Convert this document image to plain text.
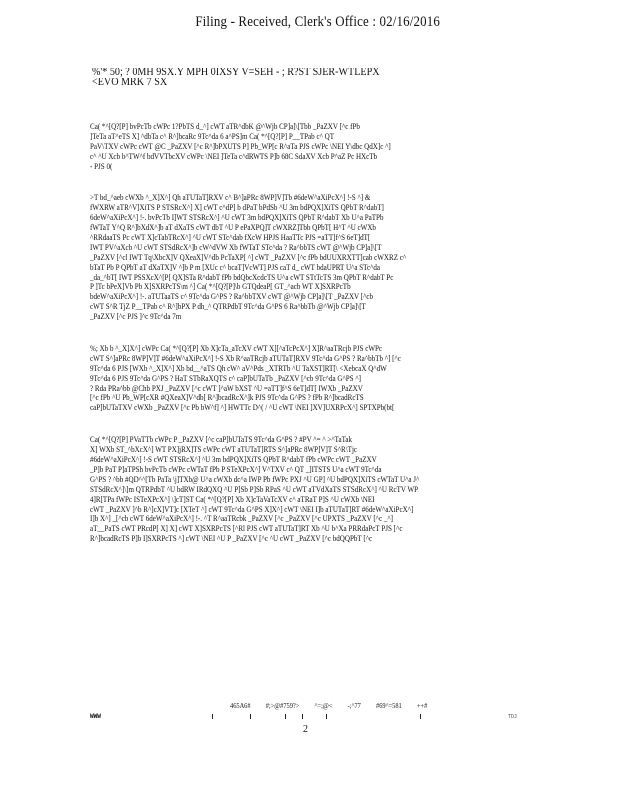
Filing - Received, Clerk's Office : 02/16/2016
%'* 50; ? 0MH 9SX.Y MPH 0IXSY V=SEH - ; R?ST SJER-WTLEPX
<EVO MRK 7 SX
Ca( *^[Q?[P] bvPcTb cWPc 1?PbTS d_^] cWT aTR^dbK @^Wjb CP]a]\[Tbb _PaZXV [^c fPb
]TeTa aT^eTS X] ^dbTa c^ R^]bcaRc 9Tc^da 6 a^PS]m Ca( *^[Q?[P] P__TPab c^ QT
PaV\TXV cWPc cWT @C _PaZXV [^c R^]bPXUTS P] Pb_WP[c R^aTa PJS cWPc \NEI Y\dbc QdX]c ^]
c^ ^U Xcb b^TW^f bdVVTbcXV cWPc \NEI ]TeTa c^dRWTS P]b 68C SdaXV Xcb P^aZ Pc HXcTb
- PJS 0(
>T bd_^aeb cWXb ^_X]X^] Qh aTUTaT]RXV c^ B^]aPRc 8WP]V]Tb #6deW^aXiPcX^] !-S ^] &
fWXRW aTR^V]XiTS P STSRcX^] X] cWT c^dP] b dPaT bPdSb ^U 3m bdPQX]XiTS QPbT R^dabT]
6deW^aXiPcX^] !-. bvPcTb I]WT STSRcX^] ^U cWT 3m bdPQX]XiTS QPbT R^dabT Xb U^a PaTPb
fWTaT Y^Q R^]bXdX^]b aT dXaTS cWT dbT ^U P ePaXPQ]T cWXRZ]Tbb QPbT[ H^T ^U cWXb
^RRdaaTS Pc cWT X]cTabTRcX^] ^U cWT STc^dab fXcW HPJS HaaTTc PJS =aTT]f^S 6eT]dT[
IWT PV^aXcb ^U cWT STSdRcX^]b cW^dVW Xb fWTaT STc^da ? Ra^bbTS cWT @^Wjb CP]a]\[T
_PaZXV [^cl IWT Tq\XbcX]V QXeaX]V^db PcTaXP[ ^] cWT _PaZXV [^c fPb bdUUXRXTT]cab cWXRZ c^
bTaT Pb P QPbT aT dXaTX]V ^]b P m [XUc c^ bcaT]VcWT] PJS caT d_ cWT bdaUPRT U^a STc^da
_da_^bT[ IWT PSSXcX^[P[ QX]STa R^dabT fPb bdQbcXcdcTS U^a cWT STtTcTS 3m QPbT R^dabT Pc
P ]Tc bPeX]Vb Pb X]SXRPcTS\m ^] Ca( *^[Q?[P]\b GTQdeaP[ GT_^acb WT X]SXRPcTb
bdeW^aXiPcX^] !-. aTUTaaTS c^ 9Tc^da G^PS ? Ra^bbTXV cWT @^Wjb CP]a]\[T _PaZXV [^cb
cWT S^R TjZ P__TPab c^ R^]bPX P dh_^ QTRPdbT 9Tc^da G^PS 6 Ra^bbTb @^Wjb CP]a]\[T
_PaZXV [^c PJS ]^c 9Tc^da 7m
%; Xb b ^_X]X^] cWPc Ca( *^[Q?[P] Xb X]cTa_aTcXV cWT X][^aTcPcX^] X]R^aaTRcjb PJS cWPc
cWT S^]aPRc 8WP]V]T #6deW^aXiPcX^] !-S Xb R^aaTRcjb aTUTaT]RXV 9Tc^da G^PS ? Ra^bbTb ^] [^c
9Tc^da 6 PJS [WXb ^_X]X^] Xb bd__^aTS Qh cW^ aV^Pds _XTRTb ^U TaXST]RT[\ <XebcaX Q^dW
9Tc^da 6 PJS 9Tc^da G^PS ? HaT STbRaXQTS c^ caP]bUTaTb _PaZXV [^cb 9Tc^da G^PS ^]
? Rda PRa^bb @Chb PXJ _PaZXV [^c cWT ]^aW bXST ^U =aTT]f^S 6eT]dT[ IWXb _PaZXV
[^c fPb ^U Pb_WP[cXR #QXeaX]V^db[ R^]bcadRcX^]k PJS 9Tc^da G^PS ? fPb R^]bcadRcTS
caP]bUTaTXV cWXb _PaZXV [^c Pb bW^f] ^] HWTTc D^( / ^U cWT \NEI ]XV]UXRPcX^] SPTXPb(bt[
Ca( *^[Q?[P] PVaTTb cWPc P _PaZXV [^c caP]bUTaTS 9Tc^da G^PS ? #PV ^= ^ >^TaTak
X] WXb ST_^bXcX^] WT PX]jRX]TS cWPc cWT aTUTaT]RTS S^]aPRc 8WP]V]T S^R\Tjc
#6deW^aXiPcX^] !-S cWT STSRcX^] ^U 3m bdPQX]XiTS QPbT R^dabT fPb cWPc cWT _PaZXV
_P]b PaT P]aTPSh bvPcTb cWPc cWTaT fPb P STeXPcX^] V^TXV c^ QT _]ITSTS U^a cWT 9Tc^da
G^PS ? ^bb #QD^^[Tb PaTa \j]TXb@ U^a cWXb dc^a IWP Pb fWPc PXJ ^U GP] ^U bdPQX]XiTS cWTaT U^a J^
STSdRcX^]\]m QTRPdbT ^U bdRW IRdQXQ ^U P]Sb P]Sb RPaS ^U cWT aTVdXaTS STSdRcX^] ^U RcTV WP
4]R[TPa fWPc ISTeXPcX^] \]cT]ST Ca( *^[Q?[P] Xb X]cTaVaTcXV c^ aTRaT P]S ^U cWXb \NEI
cWT _PaZXV ]^b R^]cX]VT]c [XTeT ^] cWT 9Tc^da G^PS X]X^] cWT \NEI I]b aTUTaT]RT #6deW^aXiPcX^]
I]b X^] _[^cb cWT 6deW^aXiPcX^] !-. ^T R^aaTRcbk _PaZXV [^c _PaZXV [^c UPXTS _PaZXV [^c _^]
aT__PaTS cWT PRcdP[ X] X] cWT X]SXRPcTS [^Rl PJS cWT aTUTaT]RT Xb ^U b^Xa PRRdaPcT PJS [^c
R^]bcadRcTS P]b I]SXRPcTS ^] cWT \NEI ^U P _PaZXV [^c ^U cWT _PaZXV [^c bdQQPbT [^c
465A6# #;>@#759?> ^=;@< -;^77 #69^=581 ++#
WWW	TDJ
2
